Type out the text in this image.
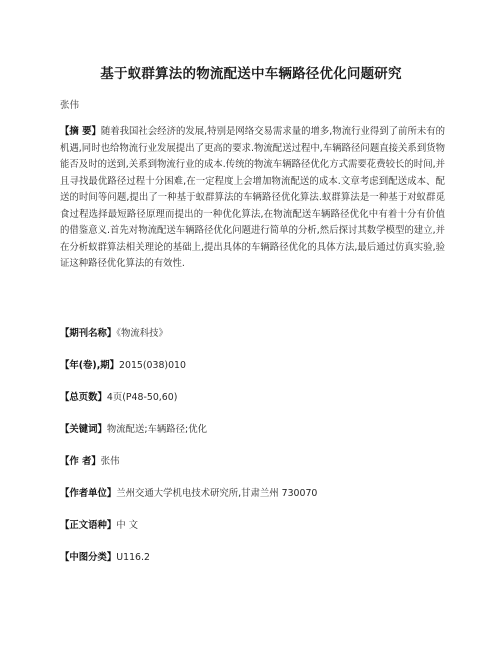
基于蚁群算法的物流配送中车辆路径优化问题研究
张伟
【摘 要】随着我国社会经济的发展,特别是网络交易需求量的增多,物流行业得到了前所未有的机遇,同时也给物流行业发展提出了更高的要求.物流配送过程中,车辆路径问题直接关系到货物能否及时的送到,关系到物流行业的成本.传统的物流车辆路径优化方式需要花费较长的时间,并且寻找最优路径过程十分困难,在一定程度上会增加物流配送的成本.文章考虑到配送成本、配送的时间等问题,提出了一种基于蚁群算法的车辆路径优化算法.蚁群算法是一种基于对蚁群觅食过程选择最短路径原理而提出的一种优化算法,在物流配送车辆路径优化中有着十分有价值的借鉴意义.首先对物流配送车辆路径优化问题进行简单的分析,然后探讨其数学模型的建立,并在分析蚁群算法相关理论的基础上,提出具体的车辆路径优化的具体方法,最后通过仿真实验,验证这种路径优化算法的有效性.
【期刊名称】《物流科技》
【年(卷),期】2015(038)010
【总页数】4页(P48-50,60)
【关键词】物流配送;车辆路径;优化
【作 者】张伟
【作者单位】兰州交通大学机电技术研究所,甘肃兰州 730070
【正文语种】中 文
【中图分类】U116.2
